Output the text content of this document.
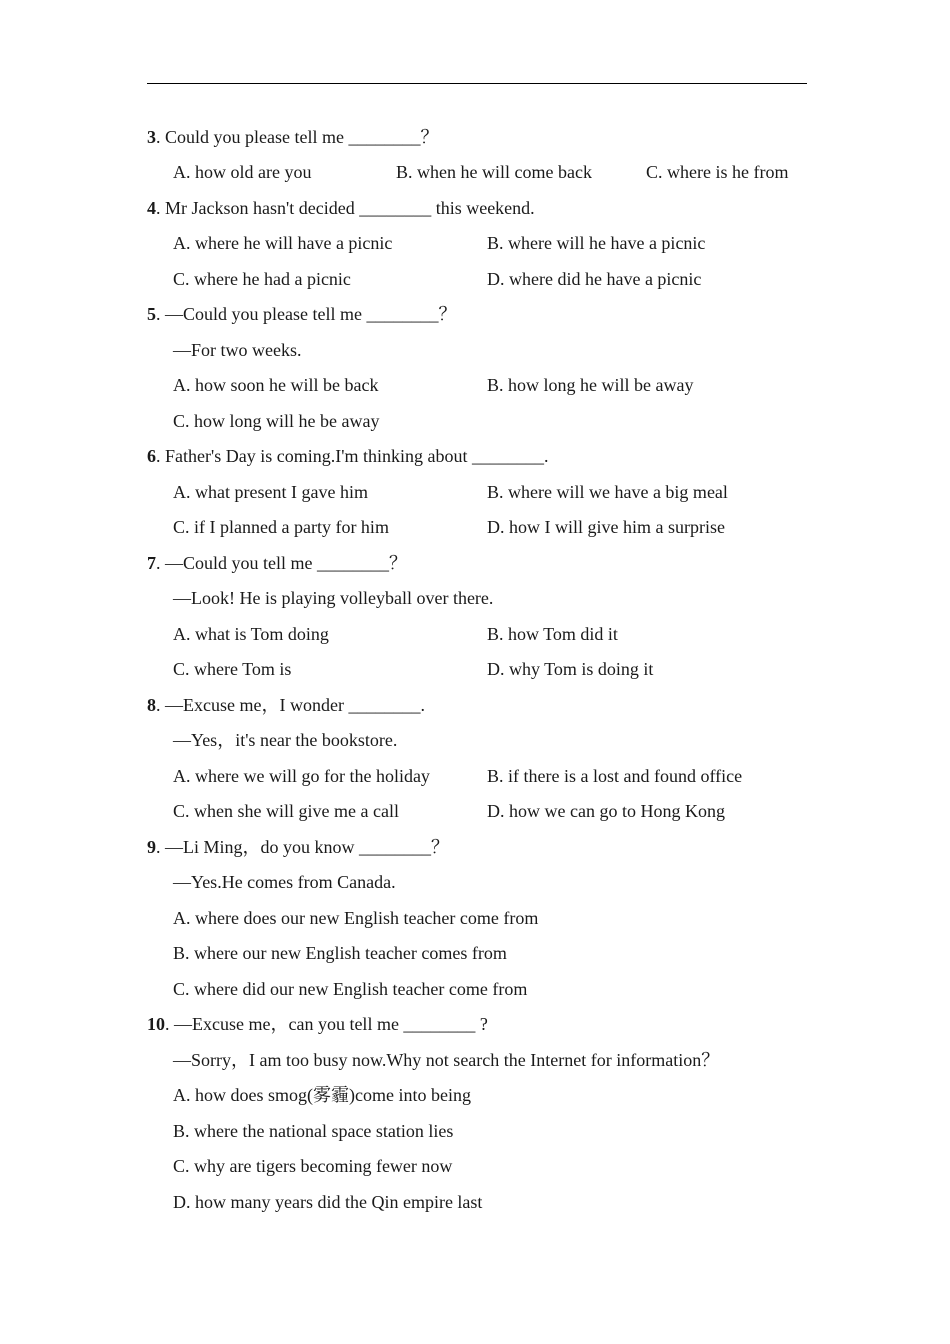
3. Could you please tell me ________？
A. how old are you	B. when he will come back	C. where is he from
4. Mr Jackson hasn't decided ________ this weekend.
A. where he will have a picnic	B. where will he have a picnic
C. where he had a picnic	D. where did he have a picnic
5. —Could you please tell me ________？
—For two weeks.
A. how soon he will be back	B. how long he will be away
C. how long will he be away
6. Father's Day is coming.I'm thinking about ________.
A. what present I gave him	B. where will we have a big meal
C. if I planned a party for him	D. how I will give him a surprise
7. —Could you tell me ________？
—Look! He is playing volleyball over there.
A. what is Tom doing	B. how Tom did it
C. where Tom is	D. why Tom is doing it
8. —Excuse me，I wonder ________.
—Yes，it's near the bookstore.
A. where we will go for the holiday	B. if there is a lost and found office
C. when she will give me a call	D. how we can go to Hong Kong
9. —Li Ming，do you know ________？
—Yes.He comes from Canada.
A. where does our new English teacher come from
B. where our new English teacher comes from
C. where did our new English teacher come from
10. —Excuse me，can you tell me ________ ?
—Sorry，I am too busy now.Why not search the Internet for information？
A. how does smog(雾霾)come into being
B. where the national space station lies
C. why are tigers becoming fewer now
D. how many years did the Qin empire last
